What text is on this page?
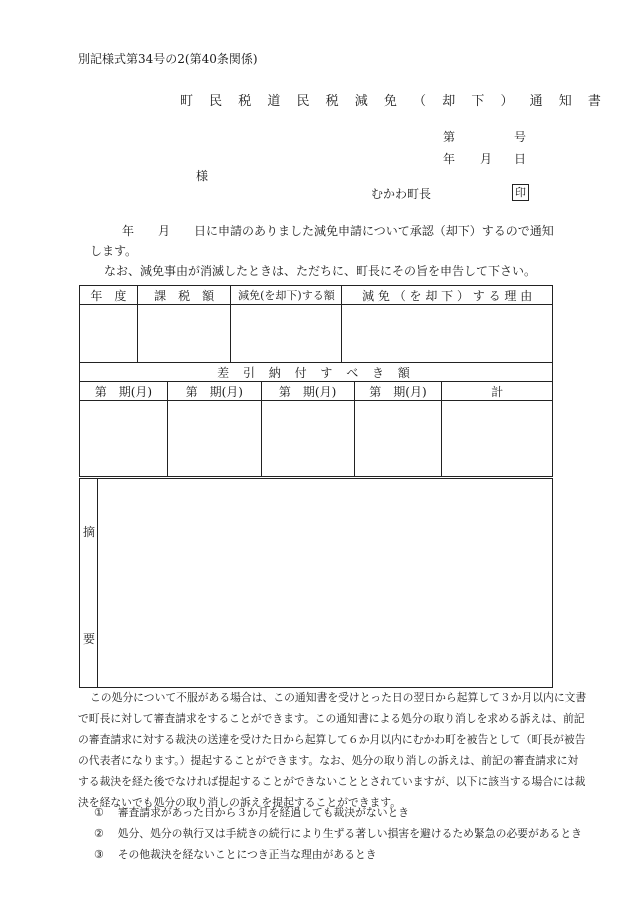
別記様式第34号の2(第40条関係)
町 民 税 道 民 税 減 免 （ 却 下 ） 通 知 書
第	号
年 月 日
様
むかわ町長	印
年　　月　　日に申請のありました減免申請について承認（却下）するので通知
します。
なお、減免事由が消滅したときは、ただちに、町長にその旨を申告して下さい。
年　度	課　税　額	減免(を却下)する額	減 免 （ を 却 下 ） す る 理 由

差 引 納 付 す べ き 額				
第　期(月)	第　期(月)	第　期(月)	第　期(月)	計

摘
要

この処分について不服がある場合は、この通知書を受けとった日の翌日から起算して３か月以内に文書
で町長に対して審査請求をすることができます。この通知書による処分の取り消しを求める訴えは、前記
の審査請求に対する裁決の送達を受けた日から起算して６か月以内にむかわ町を被告として（町長が被告
の代表者になります。）提起することができます。なお、処分の取り消しの訴えは、前記の審査請求に対
する裁決を経た後でなければ提起することができないこととされていますが、以下に該当する場合には裁
決を経ないでも処分の取り消しの訴えを提起することができます。
① 審査請求があった日から３か月を経過しても裁決がないとき
② 処分、処分の執行又は手続きの続行により生ずる著しい損害を避けるため緊急の必要があるとき
③ その他裁決を経ないことにつき正当な理由があるとき
